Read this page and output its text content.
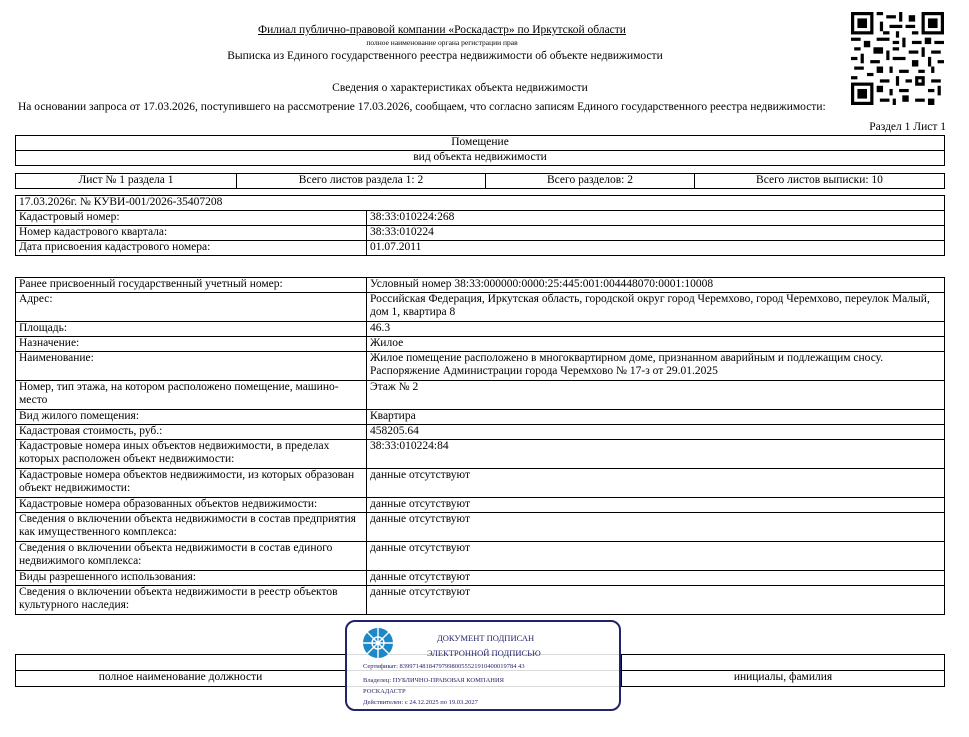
Филиал публично-правовой компании «Роскадастр» по Иркутской области
полное наименование органа регистрации прав
Выписка из Единого государственного реестра недвижимости об объекте недвижимости
Сведения о характеристиках объекта недвижимости
На основании запроса от 17.03.2026, поступившего на рассмотрение 17.03.2026, сообщаем, что согласно записям Единого государственного реестра недвижимости:
Раздел 1 Лист 1
Помещение
вид объекта недвижимости
Лист № 1 раздела 1	Всего листов раздела 1: 2	Всего разделов: 2	Всего листов выписки: 10
17.03.2026г. № КУВИ-001/2026-35407208	
Кадастровый номер:	38:33:010224:268
Номер кадастрового квартала:	38:33:010224
Дата присвоения кадастрового номера:	01.07.2011
Ранее присвоенный государственный учетный номер:	Условный номер 38:33:000000:0000:25:445:001:004448070:0001:10008
Адрес:	Российская Федерация, Иркутская область, городской округ город Черемхово, город Черемхово, переулок Малый, дом 1, квартира 8
Площадь:	46.3
Назначение:	Жилое
Наименование:	Жилое помещение расположено в многоквартирном доме, признанном аварийным и подлежащим сносу. Распоряжение Администрации города Черемхово № 17-з от 29.01.2025
Номер, тип этажа, на котором расположено помещение, машино-место	Этаж № 2
Вид жилого помещения:	Квартира
Кадастровая стоимость, руб.:	458205.64
Кадастровые номера иных объектов недвижимости, в пределах которых расположен объект недвижимости:	38:33:010224:84
Кадастровые номера объектов недвижимости, из которых образован объект недвижимости:	данные отсутствуют
Кадастровые номера образованных объектов недвижимости:	данные отсутствуют
Сведения о включении объекта недвижимости в состав предприятия как имущественного комплекса:	данные отсутствуют
Сведения о включении объекта недвижимости в состав единого недвижимого комплекса:	данные отсутствуют
Виды разрешенного использования:	данные отсутствуют
Сведения о включении объекта недвижимости в реестр объектов культурного наследия:	данные отсутствуют

полное наименование должности		инициалы, фамилия
ДОКУМЕНТ ПОДПИСАН
ЭЛЕКТРОННОЙ ПОДПИСЬЮ
Сертификат: 839971481847979980055521910400019784 43
Владелец: ПУБЛИЧНО-ПРАВОВАЯ КОМПАНИЯ
РОСКАДАСТР
Действителен: с 24.12.2025 по 19.03.2027
